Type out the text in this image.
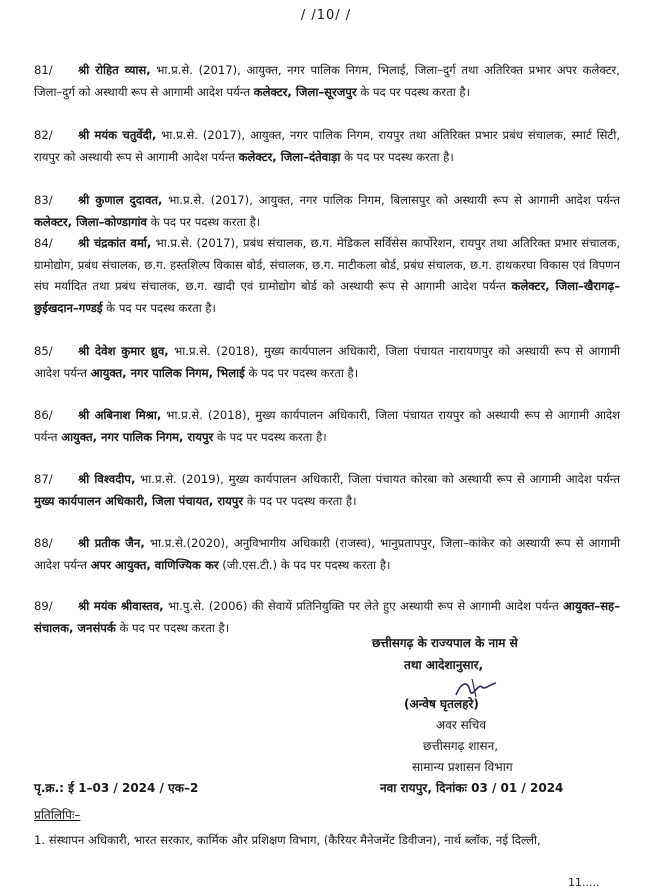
/ /10/ /
81/ श्री रोहित व्यास, भा.प्र.से. (2017), आयुक्त, नगर पालिक निगम, भिलाई, जिला–दुर्ग तथा अतिरिक्त प्रभार अपर कलेक्टर, जिला–दुर्ग को अस्थायी रूप से आगामी आदेश पर्यन्त कलेक्टर, जिला–सूरजपुर के पद पर पदस्थ करता है।
82/ श्री मयंक चतुर्वेदी, भा.प्र.से. (2017), आयुक्त, नगर पालिक निगम, रायपुर तथा अतिरिक्त प्रभार प्रबंध संचालक, स्मार्ट सिटी, रायपुर को अस्थायी रूप से आगामी आदेश पर्यन्त कलेक्टर, जिला–दंतेवाड़ा के पद पर पदस्थ करता है।
83/ श्री कुणाल दुदावत, भा.प्र.से. (2017), आयुक्त, नगर पालिक निगम, बिलासपुर को अस्थायी रूप से आगामी आदेश पर्यन्त कलेक्टर, जिला–कोण्डागांव के पद पर पदस्थ करता है।
84/ श्री चंद्रकांत वर्मा, भा.प्र.से. (2017), प्रबंध संचालक, छ.ग. मेडिकल सर्विसेस कार्पोरेशन, रायपुर तथा अतिरिक्त प्रभार संचालक, ग्रामोद्योग, प्रबंध संचालक, छ.ग. हस्तशिल्प विकास बोर्ड, संचालक, छ.ग. माटीकला बोर्ड, प्रबंध संचालक, छ.ग. हाथकरघा विकास एवं विपणन संघ मर्यादित तथा प्रबंध संचालक, छ.ग. खादी एवं ग्रामोद्योग बोर्ड को अस्थायी रूप से आगामी आदेश पर्यन्त कलेक्टर, जिला–खैरागढ़–छुईखदान–गण्डई के पद पर पदस्थ करता है।
85/ श्री देवेश कुमार ध्रुव, भा.प्र.से. (2018), मुख्य कार्यपालन अधिकारी, जिला पंचायत नारायणपुर को अस्थायी रूप से आगामी आदेश पर्यन्त आयुक्त, नगर पालिक निगम, भिलाई के पद पर पदस्थ करता है।
86/ श्री अबिनाश मिश्रा, भा.प्र.से. (2018), मुख्य कार्यपालन अधिकारी, जिला पंचायत रायपुर को अस्थायी रूप से आगामी आदेश पर्यन्त आयुक्त, नगर पालिक निगम, रायपुर के पद पर पदस्थ करता है।
87/ श्री विश्वदीप, भा.प्र.से. (2019), मुख्य कार्यपालन अधिकारी, जिला पंचायत कोरबा को अस्थायी रूप से आगामी आदेश पर्यन्त मुख्य कार्यपालन अधिकारी, जिला पंचायत, रायपुर के पद पर पदस्थ करता है।
88/ श्री प्रतीक जैन, भा.प्र.से.(2020), अनुविभागीय अधिकारी (राजस्व), भानुप्रतापपुर, जिला–कांकेर को अस्थायी रूप से आगामी आदेश पर्यन्त अपर आयुक्त, वाणिज्यिक कर (जी.एस.टी.) के पद पर पदस्थ करता है।
89/ श्री मयंक श्रीवास्तव, भा.पु.से. (2006) की सेवायें प्रतिनियुक्ति पर लेते हुए अस्थायी रूप से आगामी आदेश पर्यन्त आयुक्त–सह–संचालक, जनसंपर्क के पद पर पदस्थ करता है।
छत्तीसगढ़ के राज्यपाल के नाम से
तथा आदेशानुसार,
(अन्वेष घृतलहरे)
अवर सचिव
छत्तीसगढ़ शासन,
सामान्य प्रशासन विभाग
पृ.क्र.: ई 1–03 / 2024 / एक–2	नवा रायपुर, दिनांकः 03 / 01 / 2024
प्रतिलिपिः–
1. संस्थापन अधिकारी, भारत सरकार, कार्मिक और प्रशिक्षण विभाग, (कैरियर मैनेजमेंट डिवीजन), नार्थ ब्लॉक, नई दिल्ली,
11.....
